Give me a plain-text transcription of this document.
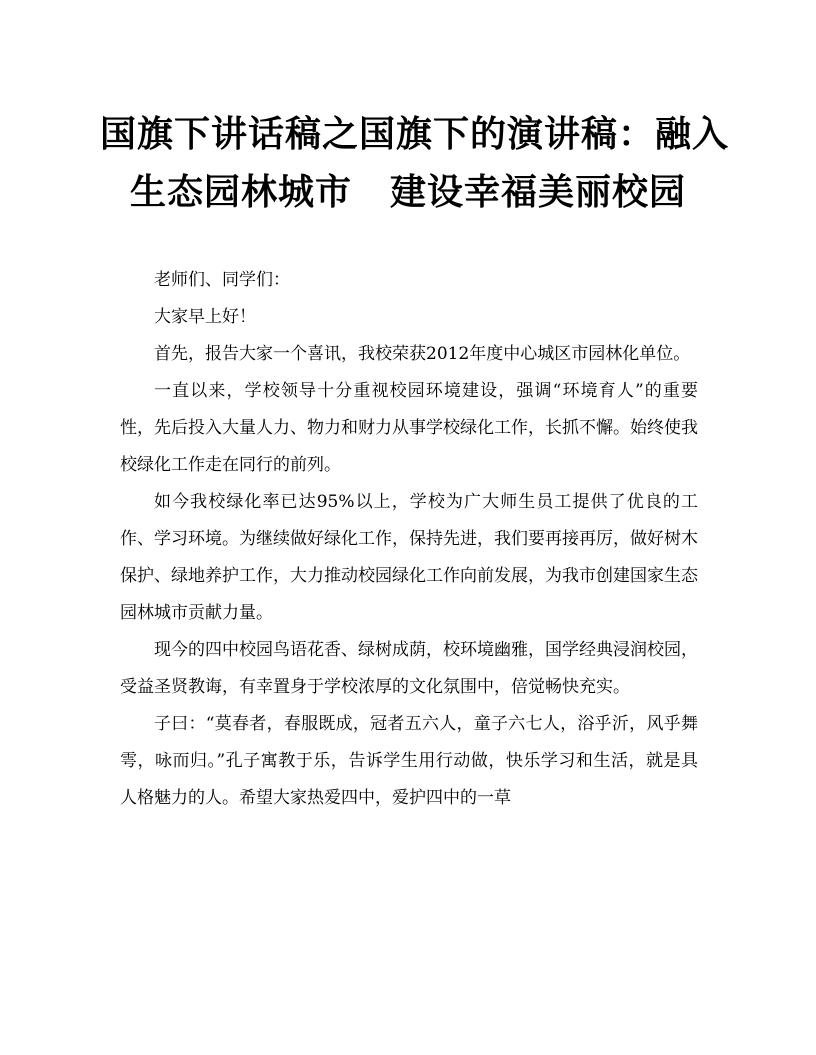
国旗下讲话稿之国旗下的演讲稿：融入
生态园林城市 建设幸福美丽校园

老师们、同学们：

大家早上好！

首先，报告大家一个喜讯，我校荣获2012年度中心城区市园林化单位。

一直以来，学校领导十分重视校园环境建设，强调“环境育人”的重要性，先后投入大量人力、物力和财力从事学校绿化工作，长抓不懈。始终使我校绿化工作走在同行的前列。

如今我校绿化率已达95%以上，学校为广大师生员工提供了优良的工作、学习环境。为继续做好绿化工作，保持先进，我们要再接再厉，做好树木保护、绿地养护工作，大力推动校园绿化工作向前发展，为我市创建国家生态园林城市贡献力量。

现今的四中校园鸟语花香、绿树成荫，校环境幽雅，国学经典浸润校园，受益圣贤教诲，有幸置身于学校浓厚的文化氛围中，倍觉畅快充实。

子曰：“莫春者，春服既成，冠者五六人，童子六七人，浴乎沂，风乎舞雩，咏而归。”孔子寓教于乐，告诉学生用行动做，快乐学习和生活，就是具人格魅力的人。希望大家热爱四中，爱护四中的一草
